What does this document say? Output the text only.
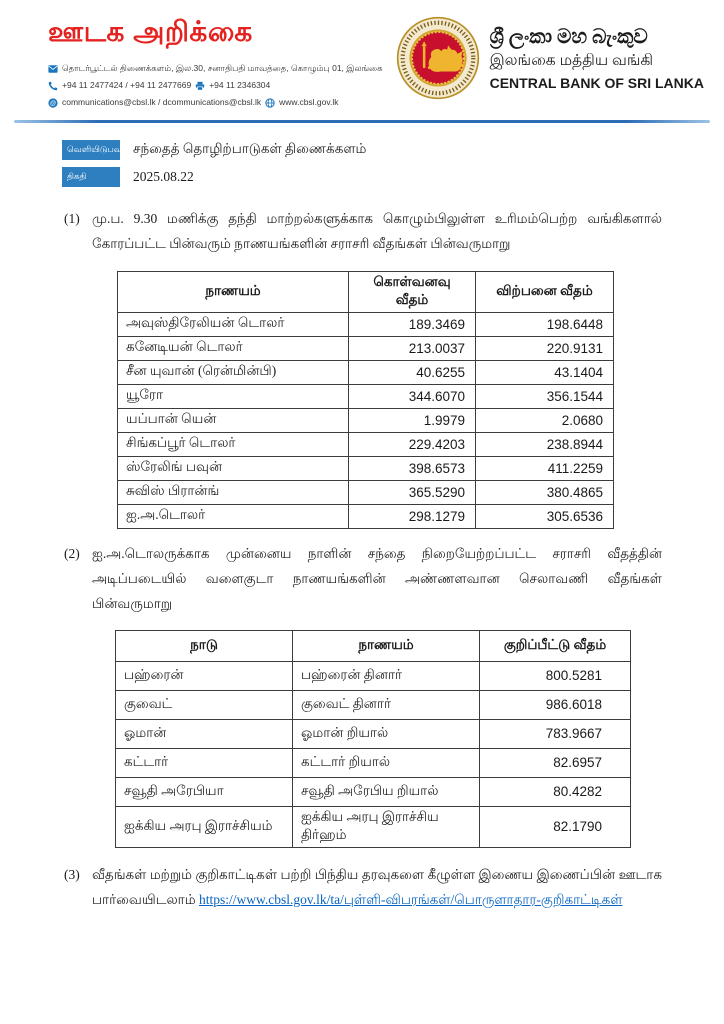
ஊடக அறிக்கை
தொடர்பூட்டல் திணைக்களம், இல.30, சனாதிபதி மாவத்தை, கொழும்பு 01, இலங்கை
+94 11 2477424 / +94 11 2477669 +94 11 2346304
@ communications@cbsl.lk / dcommunications@cbsl.lk www.cbsl.gov.lk
ශ්‍රී ලංකා මහ බැංකුව
இலங்கை மத்திய வங்கி
CENTRAL BANK OF SRI LANKA
வெளியிடுபவர் சந்தைத் தொழிற்பாடுகள் திணைக்களம்
திகதி	2025.08.22
(1) மு.ப. 9.30 மணிக்கு தந்தி மாற்றல்களுக்காக கொழும்பிலுள்ள உரிமம்பெற்ற வங்கிகளால் கோரப்பட்ட பின்வரும் நாணயங்களின் சராசரி வீதங்கள் பின்வருமாறு
நாணயம்	கொள்வனவு வீதம்	விற்பனை வீதம்
அவுஸ்திரேலியன் டொலர்	189.3469	198.6448
கனேடியன் டொலர்	213.0037	220.9131
சீன யுவான் (ரென்மின்பி)	40.6255	43.1404
யூரோ	344.6070	356.1544
யப்பான் யென்	1.9979	2.0680
சிங்கப்பூர் டொலர்	229.4203	238.8944
ஸ்ரேலிங் பவுன்	398.6573	411.2259
சுவிஸ் பிரான்ங்	365.5290	380.4865
ஐ.அ.டொலர்	298.1279	305.6536
(2) ஐ.அ.டொலருக்காக முன்னைய நாளின் சந்தை நிறையேற்றப்பட்ட சராசரி வீதத்தின் அடிப்படையில் வளைகுடா நாணயங்களின் அண்ணளவான செலாவணி வீதங்கள் பின்வருமாறு
நாடு	நாணயம்	குறிப்பீட்டு வீதம்
பஹ்ரைன்	பஹ்ரைன் தினார்	800.5281
குவைட்	குவைட் தினார்	986.6018
ஓமான்	ஓமான் றியால்	783.9667
கட்டார்	கட்டார் றியால்	82.6957
சவூதி அரேபியா	சவூதி அரேபிய றியால்	80.4282
ஐக்கிய அரபு இராச்சியம்	ஐக்கிய அரபு இராச்சிய திர்ஹம்	82.1790
(3) வீதங்கள் மற்றும் குறிகாட்டிகள் பற்றி பிந்திய தரவுகளை கீழுள்ள இணைய இணைப்பின் ஊடாக பார்வையிடலாம் https://www.cbsl.gov.lk/ta/புள்ளி-விபரங்கள்/பொருளாதார-குறிகாட்டிகள்
